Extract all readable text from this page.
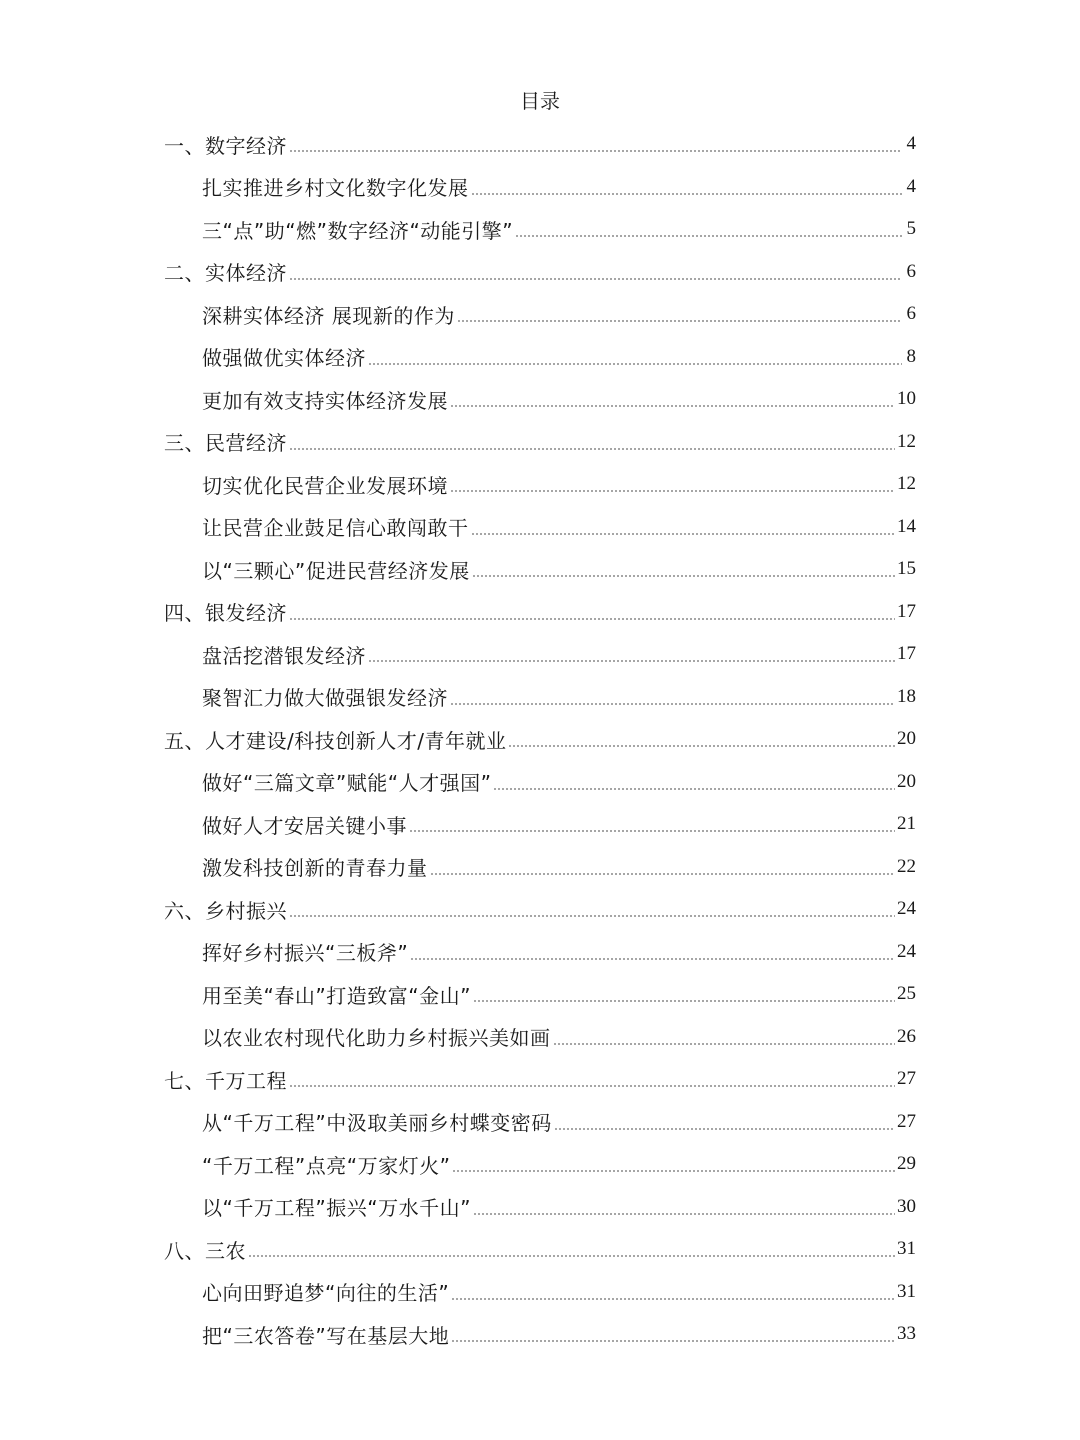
目录
一、数字经济	4
扎实推进乡村文化数字化发展	4
三“点”助“燃”数字经济“动能引擎”	5
二、实体经济	6
深耕实体经济 展现新的作为	6
做强做优实体经济	8
更加有效支持实体经济发展	10
三、民营经济	12
切实优化民营企业发展环境	12
让民营企业鼓足信心敢闯敢干	14
以“三颗心”促进民营经济发展	15
四、银发经济	17
盘活挖潜银发经济	17
聚智汇力做大做强银发经济	18
五、人才建设/科技创新人才/青年就业	20
做好“三篇文章”赋能“人才强国”	20
做好人才安居关键小事	21
激发科技创新的青春力量	22
六、乡村振兴	24
挥好乡村振兴“三板斧”	24
用至美“春山”打造致富“金山”	25
以农业农村现代化助力乡村振兴美如画	26
七、千万工程	27
从“千万工程”中汲取美丽乡村蝶变密码	27
“千万工程”点亮“万家灯火”	29
以“千万工程”振兴“万水千山”	30
八、三农	31
心向田野追梦“向往的生活”	31
把“三农答卷”写在基层大地	33
